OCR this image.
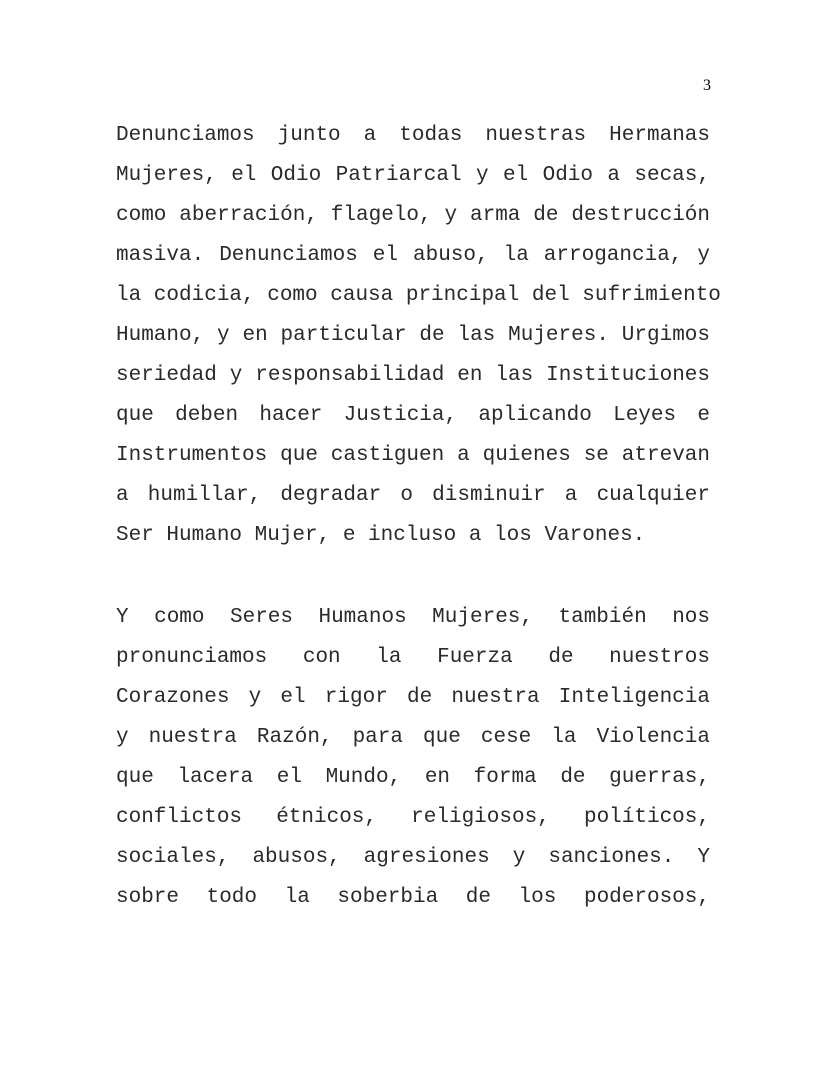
3
Denunciamos junto a todas nuestras Hermanas
Mujeres, el Odio Patriarcal y el Odio a secas,
como aberración, flagelo, y arma de destrucción
masiva. Denunciamos el abuso, la arrogancia, y
la codicia, como causa principal del sufrimiento
Humano, y en particular de las Mujeres. Urgimos
seriedad y responsabilidad en las Instituciones
que deben hacer Justicia, aplicando Leyes e
Instrumentos que castiguen a quienes se atrevan
a humillar, degradar o disminuir a cualquier
Ser Humano Mujer, e incluso a los Varones.
Y como Seres Humanos Mujeres, también nos
pronunciamos con la Fuerza de nuestros
Corazones y el rigor de nuestra Inteligencia
y nuestra Razón, para que cese la Violencia
que lacera el Mundo, en forma de guerras,
conflictos étnicos, religiosos, políticos,
sociales, abusos, agresiones y sanciones. Y
sobre todo la soberbia de los poderosos,
